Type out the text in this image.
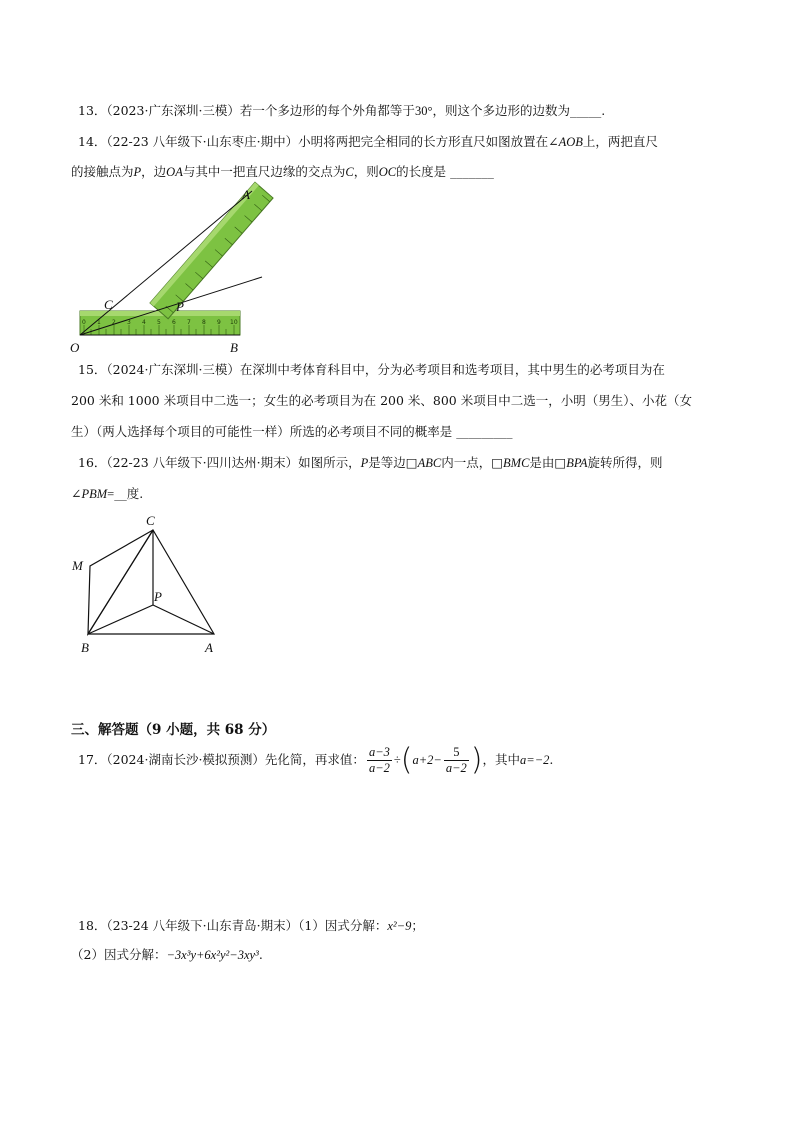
13．（2023·广东深圳·三模）若一个多边形的每个外角都等于30°，则这个多边形的边数为_____.
14．（22-23 八年级下·山东枣庄·期中）小明将两把完全相同的长方形直尺如图放置在∠AOB上，两把直尺
的接触点为P，边OA与其中一把直尺边缘的交点为C，则OC的长度是 _______
0 1 2 3 4 5 6 7 8 9 10
A
C	P
O	B
15．（2024·广东深圳·三模）在深圳中考体育科目中，分为必考项目和选考项目，其中男生的必考项目为在
200 米和 1000 米项目中二选一；女生的必考项目为在 200 米、800 米项目中二选一，小明（男生）、小花（女
生）（两人选择每个项目的可能性一样）所选的必考项目不同的概率是 _________
16．（22-23 八年级下·四川达州·期末）如图所示，P是等边□ABC内一点，□BMC是由□BPA旋转所得，则
∠PBM=__度.
C
M
P
B	A
三、解答题（9 小题，共 68 分）
17．（2024·湖南长沙·模拟预测）先化简，再求值： $\frac{a-3}{a-2} \div(a+2- \frac{5}{a-2}$ )，其中a=−2.
18．（23-24 八年级下·山东青岛·期末）（1）因式分解：x²−9；
（2）因式分解：−3x³y+6x²y²−3xy³.
